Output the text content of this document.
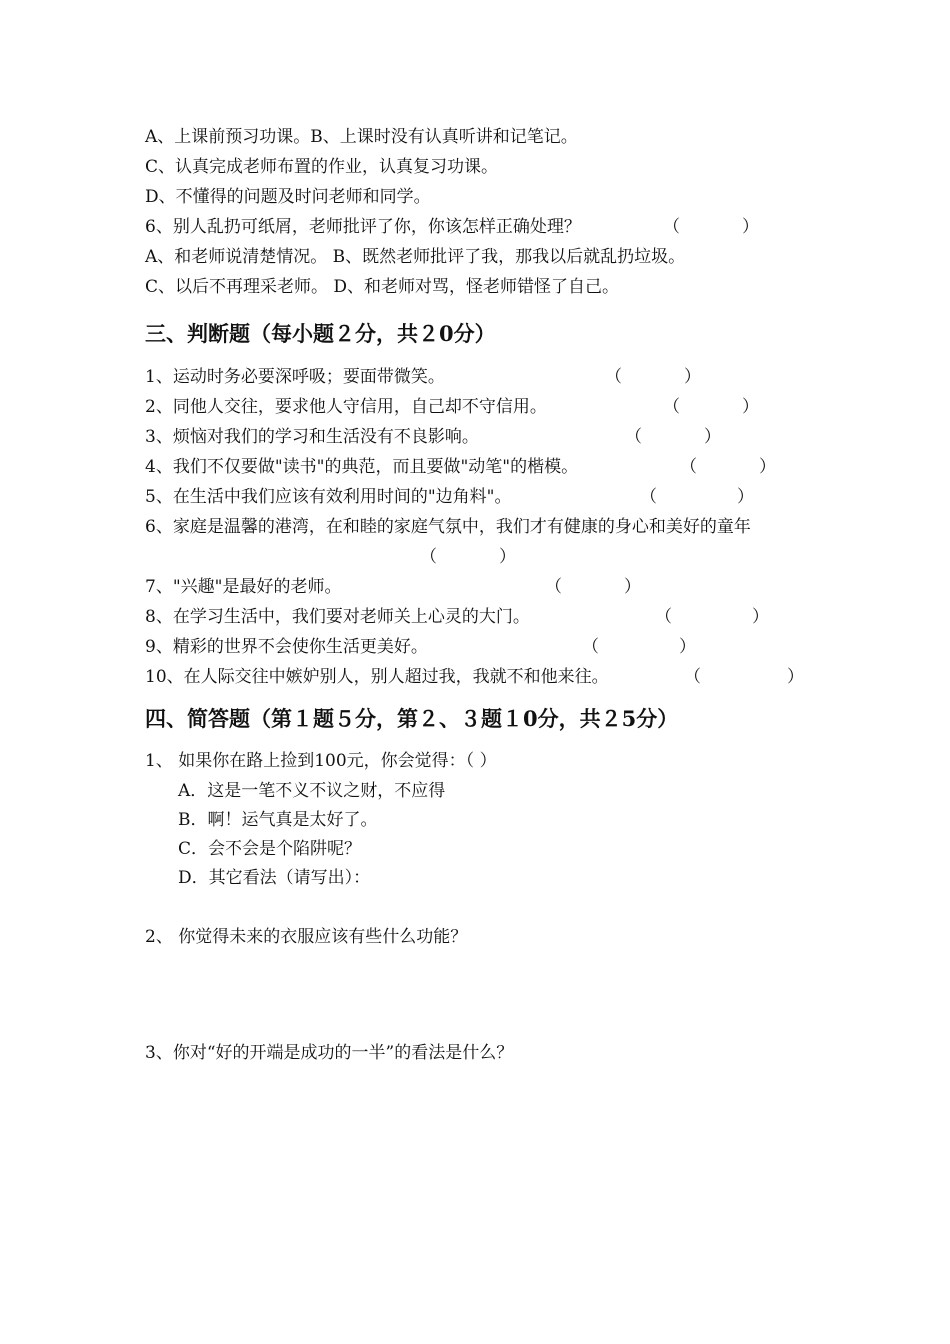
A、上课前预习功课。B、上课时没有认真听讲和记笔记。
C、认真完成老师布置的作业，认真复习功课。
D、不懂得的问题及时问老师和同学。
6、别人乱扔可纸屑，老师批评了你，你该怎样正确处理？	（	）
A、和老师说清楚情况。 B、既然老师批评了我，那我以后就乱扔垃圾。
C、以后不再理采老师。 D、和老师对骂，怪老师错怪了自己。
三、判断题（每小题２分，共２0分）
1、运动时务必要深呼吸；要面带微笑。	（	）
2、同他人交往，要求他人守信用，自己却不守信用。	（	）
3、烦恼对我们的学习和生活没有不良影响。	（	）
4、我们不仅要做"读书"的典范，而且要做"动笔"的楷模。	（	）
5、在生活中我们应该有效利用时间的"边角料"。	（	）
6、家庭是温馨的港湾，在和睦的家庭气氛中，我们才有健康的身心和美好的童年
（	）
7、"兴趣"是最好的老师。	（	）
8、在学习生活中，我们要对老师关上心灵的大门。	（	）
9、精彩的世界不会使你生活更美好。	（	）
10、在人际交往中嫉妒别人，别人超过我，我就不和他来往。	（	）
四、简答题（第１题５分，第２、３题１0分，共２5分）
1、 如果你在路上捡到100元，你会觉得：（ ）
A．这是一笔不义不议之财，不应得
B．啊！运气真是太好了。
C．会不会是个陷阱呢？
D．其它看法（请写出）：
2、 你觉得未来的衣服应该有些什么功能？
3、你对“好的开端是成功的一半”的看法是什么？
